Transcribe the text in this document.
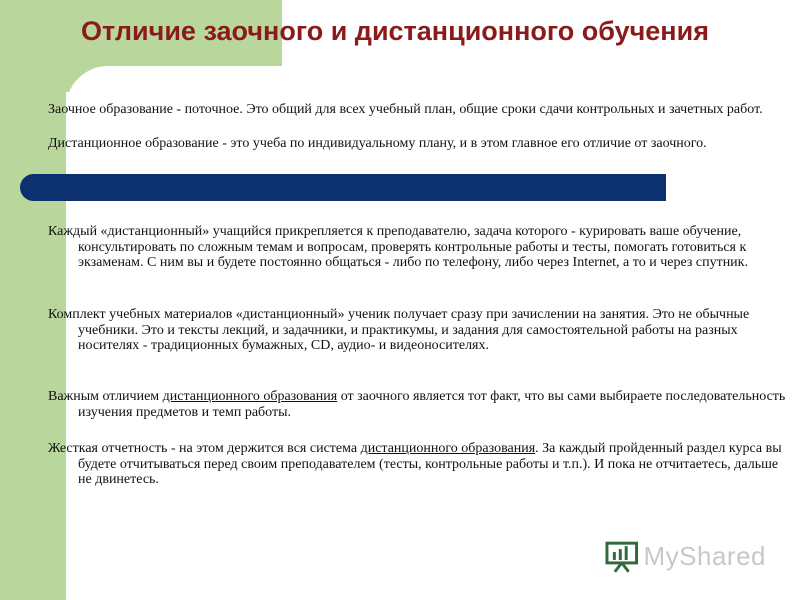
Отличие заочного и дистанционного обучения

Заочное образование - поточное. Это общий для всех учебный план, общие сроки сдачи контрольных и зачетных работ.

Дистанционное образование - это учеба по индивидуальному плану, и в этом главное его отличие от заочного.

Каждый «дистанционный» учащийся прикрепляется к преподавателю, задача которого - курировать ваше обучение, консультировать по сложным темам и вопросам, проверять контрольные работы и тесты, помогать готовиться к экзаменам. С ним вы и будете постоянно общаться - либо по телефону, либо через Internet, а то и через спутник.

Комплект учебных материалов «дистанционный» ученик получает сразу при зачислении на занятия. Это не обычные учебники. Это и тексты лекций, и задачники, и практикумы, и задания для самостоятельной работы на разных носителях - традиционных бумажных, CD, аудио- и видеоносителях.

Важным отличием дистанционного образования от заочного является тот факт, что вы сами выбираете последовательность изучения предметов и темп работы.

Жесткая отчетность - на этом держится вся система дистанционного образования. За каждый пройденный раздел курса вы будете отчитываться перед своим преподавателем (тесты, контрольные работы и т.п.). И пока не отчитаетесь, дальше не двинетесь.

MyShared
